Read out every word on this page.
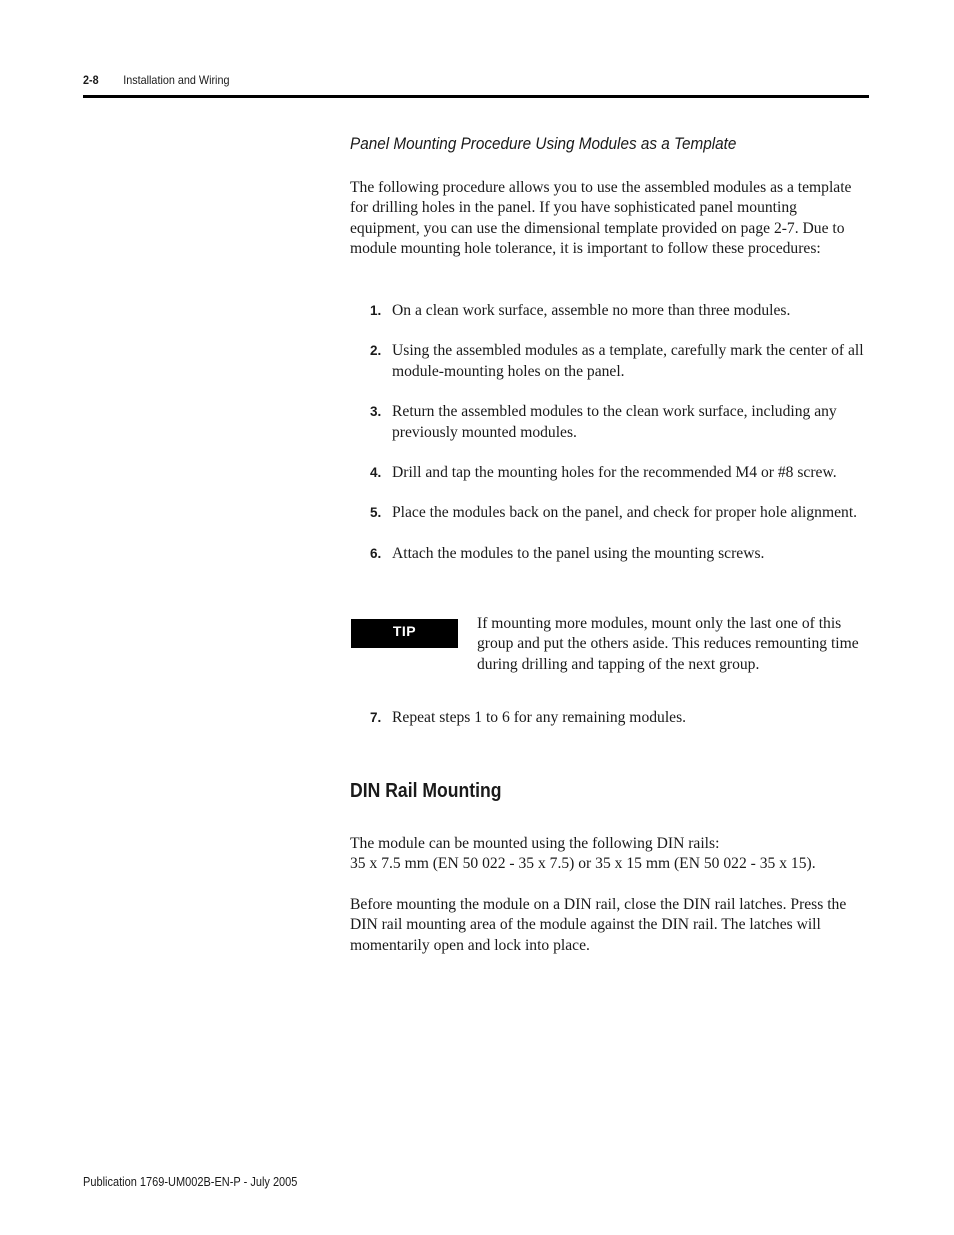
2-8 Installation and Wiring
Panel Mounting Procedure Using Modules as a Template

The following procedure allows you to use the assembled modules as a template for drilling holes in the panel. If you have sophisticated panel mounting equipment, you can use the dimensional template provided on page 2-7. Due to module mounting hole tolerance, it is important to follow these procedures:

1. On a clean work surface, assemble no more than three modules.
2. Using the assembled modules as a template, carefully mark the center of all module-mounting holes on the panel.
3. Return the assembled modules to the clean work surface, including any previously mounted modules.
4. Drill and tap the mounting holes for the recommended M4 or #8 screw.
5. Place the modules back on the panel, and check for proper hole alignment.
6. Attach the modules to the panel using the mounting screws.
TIP	If mounting more modules, mount only the last one of this group and put the others aside. This reduces remounting time during drilling and tapping of the next group.

7. Repeat steps 1 to 6 for any remaining modules.
DIN Rail Mounting

The module can be mounted using the following DIN rails:
35 x 7.5 mm (EN 50 022 - 35 x 7.5) or 35 x 15 mm (EN 50 022 - 35 x 15).

Before mounting the module on a DIN rail, close the DIN rail latches. Press the DIN rail mounting area of the module against the DIN rail. The latches will momentarily open and lock into place.

Publication 1769-UM002B-EN-P - July 2005
